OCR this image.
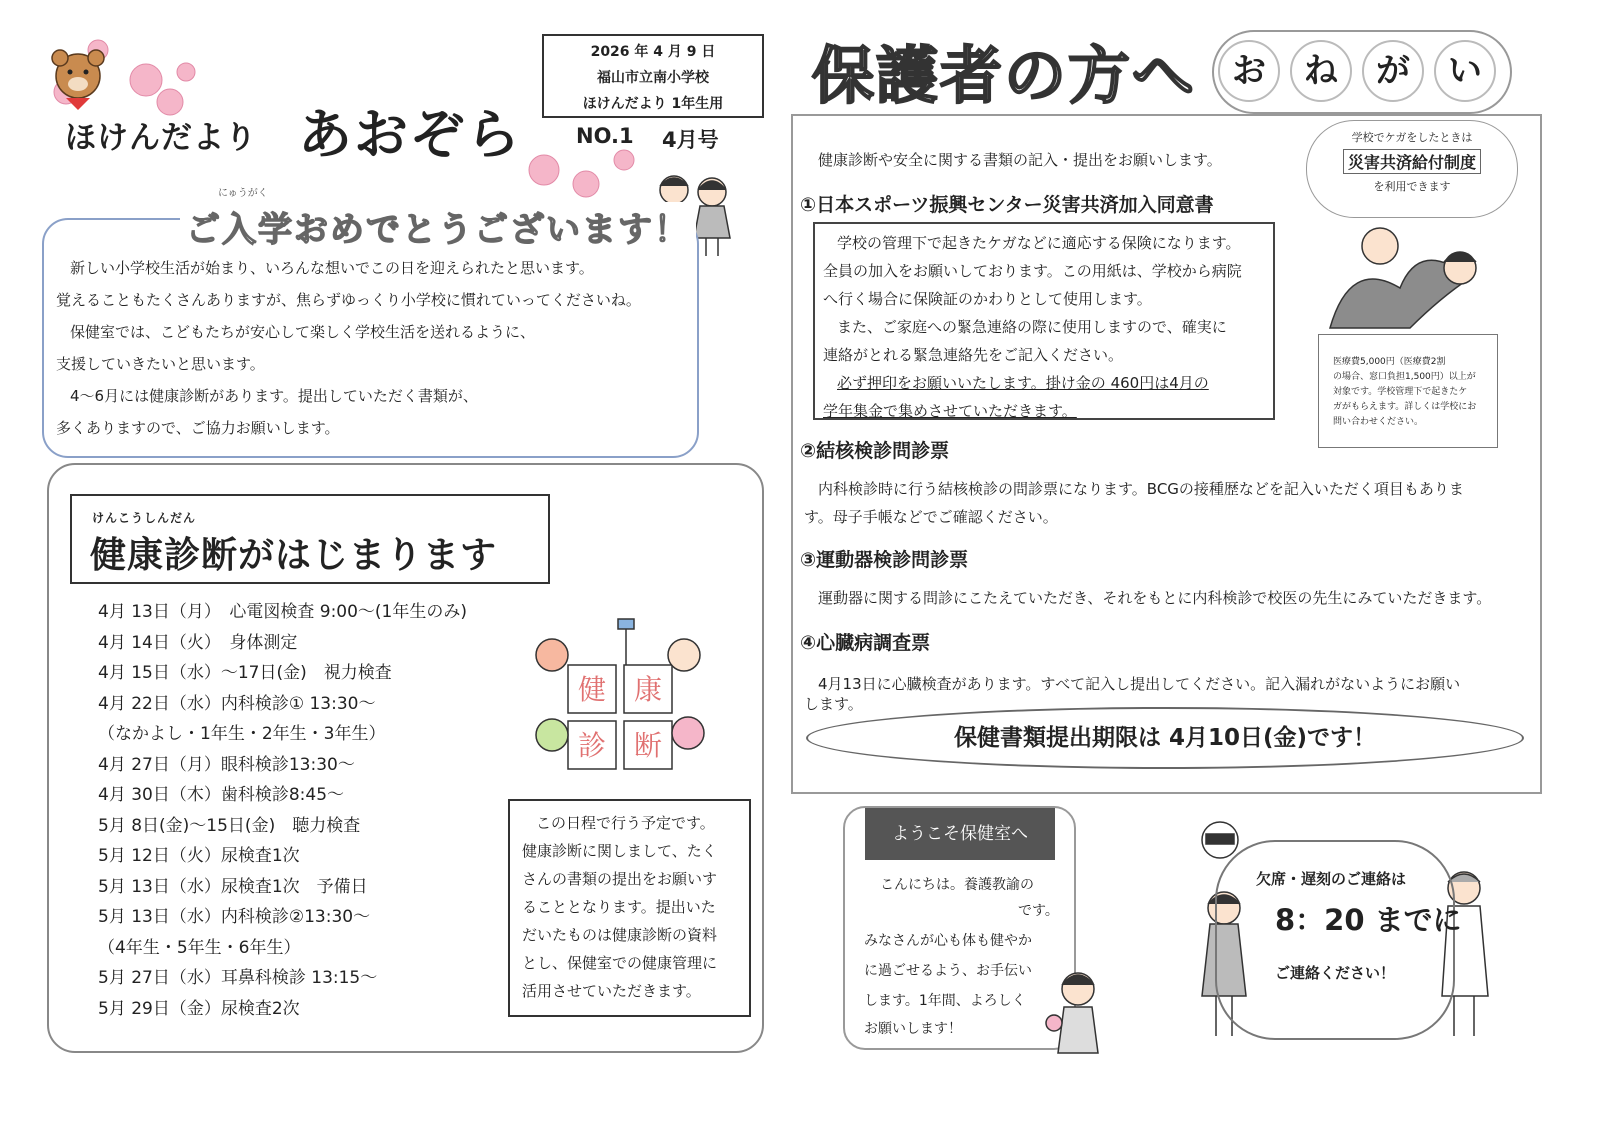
ほけんだより あおぞら
2026 年 4 月 9 日
福山市立南小学校
ほけんだより 1年生用
NO.1 4月号
にゅうがく
ご入学おめでとうございます！
新しい小学校生活が始まり、いろんな想いでこの日を迎えられたと思います。
覚えることもたくさんありますが、焦らずゆっくり小学校に慣れていってくださいね。
保健室では、こどもたちが安心して楽しく学校生活を送れるように、
支援していきたいと思います。
4～6月には健康診断があります。提出していただく書類が、
多くありますので、ご協力お願いします。
けんこうしんだん
健康診断がはじまります
4月 13日（月）　心電図検査 9:00～(1年生のみ)
4月 14日（火）　身体測定
4月 15日（水）～17日(金)　視力検査
4月 22日（水）内科検診① 13:30～
（なかよし・1年生・2年生・3年生）
4月 27日（月）眼科検診13:30～
4月 30日（木）歯科検診8:45～
5月 8日(金)～15日(金)　聴力検査
5月 12日（火）尿検査1次
5月 13日（水）尿検査1次　予備日
5月 13日（水）内科検診②13:30～
（4年生・5年生・6年生）
5月 27日（水）耳鼻科検診 13:15～
5月 29日（金）尿検査2次
健 康
診 断
この日程で行う予定です。
健康診断に関しまして、たく
さんの書類の提出をお願いす
ることとなります。提出いた
だいたものは健康診断の資料
とし、保健室での健康管理に
活用させていただきます。
保護者の方へ	お	ね	が	い
健康診断や安全に関する書類の記入・提出をお願いします。
①日本スポーツ振興センター災害共済加入同意書
学校の管理下で起きたケガなどに適応する保険になります。
全員の加入をお願いしております。この用紙は、学校から病院
へ行く場合に保険証のかわりとして使用します。
また、ご家庭への緊急連絡の際に使用しますので、確実に
連絡がとれる緊急連絡先をご記入ください。
必ず押印をお願いいたします。掛け金の 460円は4月の
学年集金で集めさせていただきます。
学校でケガをしたときは
災害共済給付制度
を利用できます
医療費5,000円（医療費2割
の場合、窓口負担1,500円）以上が
対象です。学校管理下で起きたケ
ガがもらえます。詳しくは学校にお
問い合わせください。
②結核検診問診票
内科検診時に行う結核検診の問診票になります。BCGの接種歴などを記入いただく項目もありま
す。母子手帳などでご確認ください。
③運動器検診問診票
運動器に関する問診にこたえていただき、それをもとに内科検診で校医の先生にみていただきます。
④心臓病調査票
4月13日に心臓検査があります。すべて記入し提出してください。記入漏れがないようにお願い
します。
保健書類提出期限は 4月10日(金)です！
ようこそ保健室へ
こんにちは。養護教諭の
です。
みなさんが心も体も健やか
に過ごせるよう、お手伝い
します。1年間、よろしく
お願いします！
欠席・遅刻のご連絡は
8：20 までに
ご連絡ください！
